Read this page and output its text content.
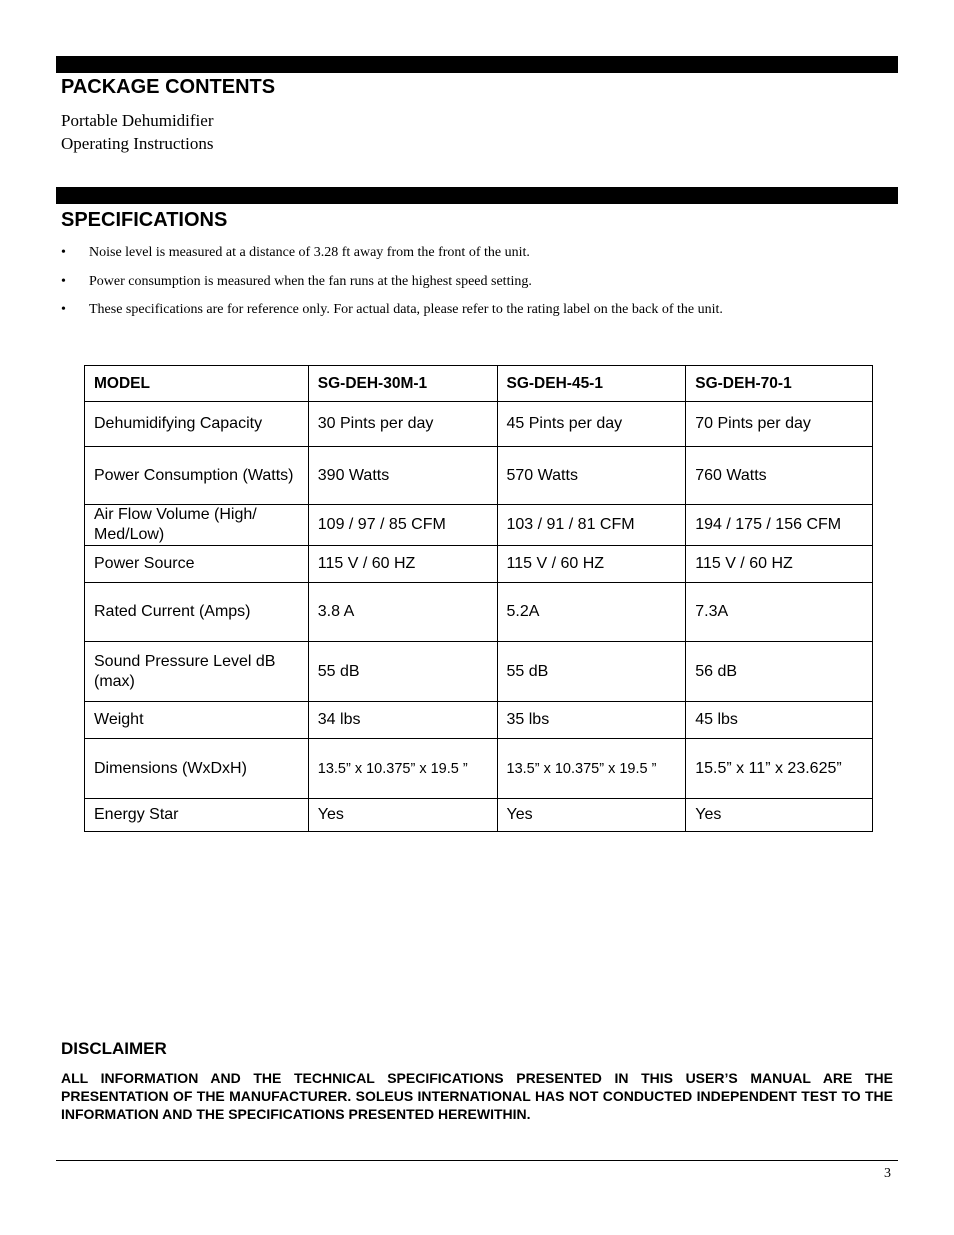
PACKAGE CONTENTS
Portable Dehumidifier
Operating Instructions
SPECIFICATIONS
• Noise level is measured at a distance of 3.28 ft away from the front of the unit.
• Power consumption is measured when the fan runs at the highest speed setting.
• These specifications are for reference only. For actual data, please refer to the rating label on the back of the unit.
MODEL	SG-DEH-30M-1	SG-DEH-45-1	SG-DEH-70-1
Dehumidifying Capacity	30 Pints per day	45 Pints per day	70 Pints per day
Power Consumption (Watts)	390 Watts	570 Watts	760 Watts
Air Flow Volume (High/ Med/Low)	109 / 97 / 85 CFM	103 / 91 / 81 CFM	194 / 175 / 156 CFM
Power Source	115 V / 60 HZ	115 V / 60 HZ	115 V / 60 HZ
Rated Current (Amps)	3.8 A	5.2A	7.3A
Sound Pressure Level dB (max)	55 dB	55 dB	56 dB
Weight	34 lbs	35 lbs	45 lbs
Dimensions (WxDxH)	13.5” x 10.375” x 19.5 ”	13.5” x 10.375” x 19.5 ”	15.5” x 11” x 23.625”
Energy Star	Yes	Yes	Yes
DISCLAIMER

ALL INFORMATION AND THE TECHNICAL SPECIFICATIONS PRESENTED IN THIS USER’S MANUAL ARE THE PRESENTATION OF THE MANUFACTURER. SOLEUS INTERNATIONAL HAS NOT CONDUCTED INDEPENDENT TEST TO THE INFORMATION AND THE SPECIFICATIONS PRESENTED HEREWITHIN.

3
